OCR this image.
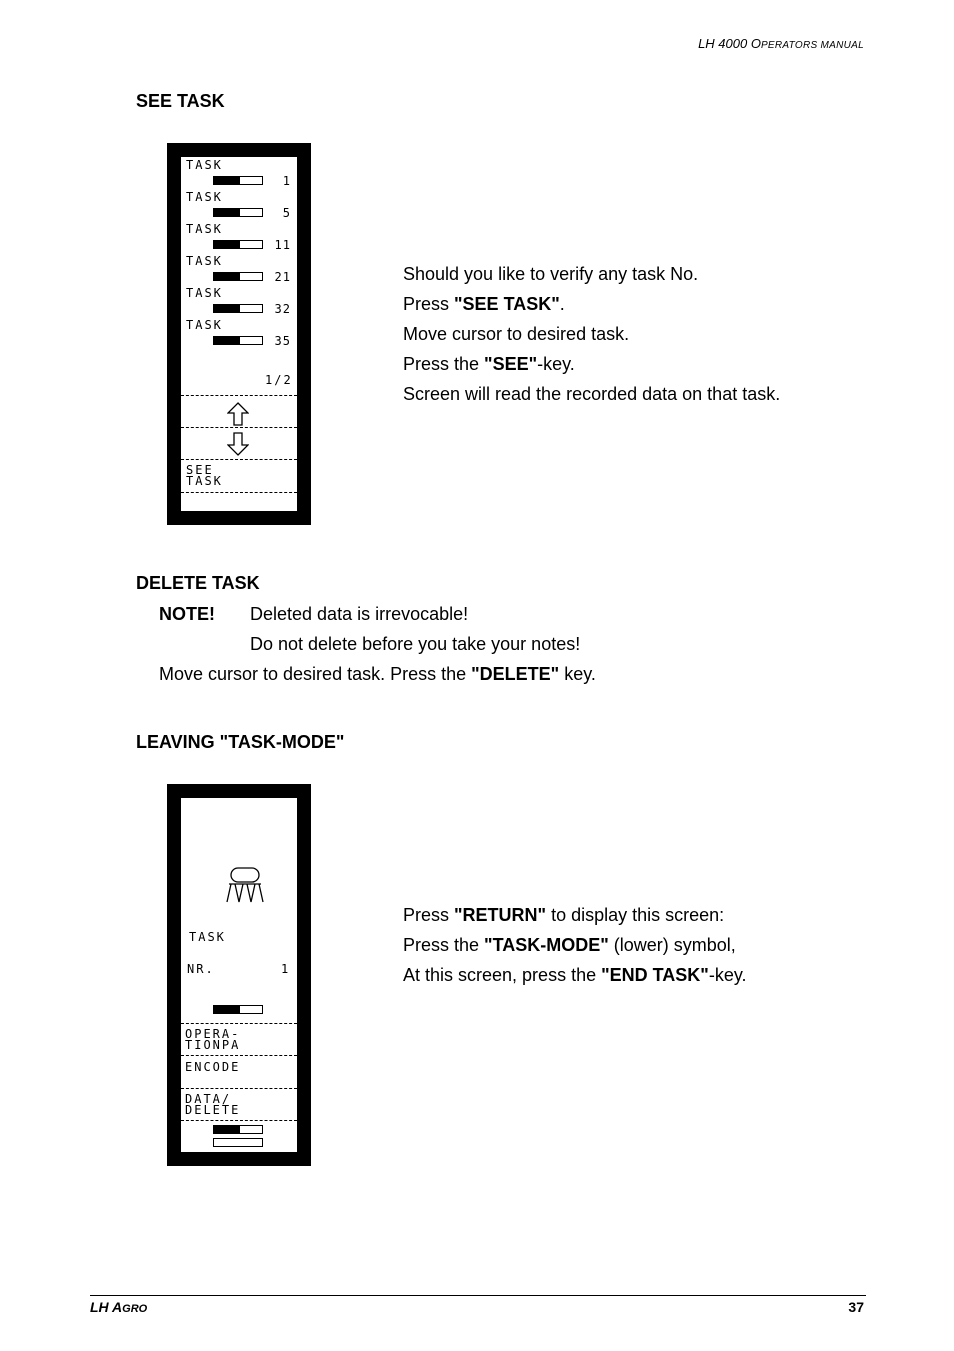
LH 4000 OPERATORS MANUAL
SEE TASK
1/2
SEE
TASK
TASK
1
TASK
5
TASK
11
TASK
21
TASK
32
TASK
35
Should you like to verify any task No.
Press "SEE TASK".
Move cursor to desired task.
Press the "SEE"-key.
Screen will read the recorded data on that task.
DELETE TASK
NOTE! Deleted data is irrevocable!
Do not delete before you take your notes!
Move cursor to desired task. Press the "DELETE" key.
LEAVING "TASK-MODE"
TASK
NR.	1
OPERA-
TIONPA
ENCODE
DATA/
DELETE
Press "RETURN" to display this screen:
Press the "TASK-MODE" (lower) symbol,
At this screen, press the "END TASK"-key.
LH AGRO	37
